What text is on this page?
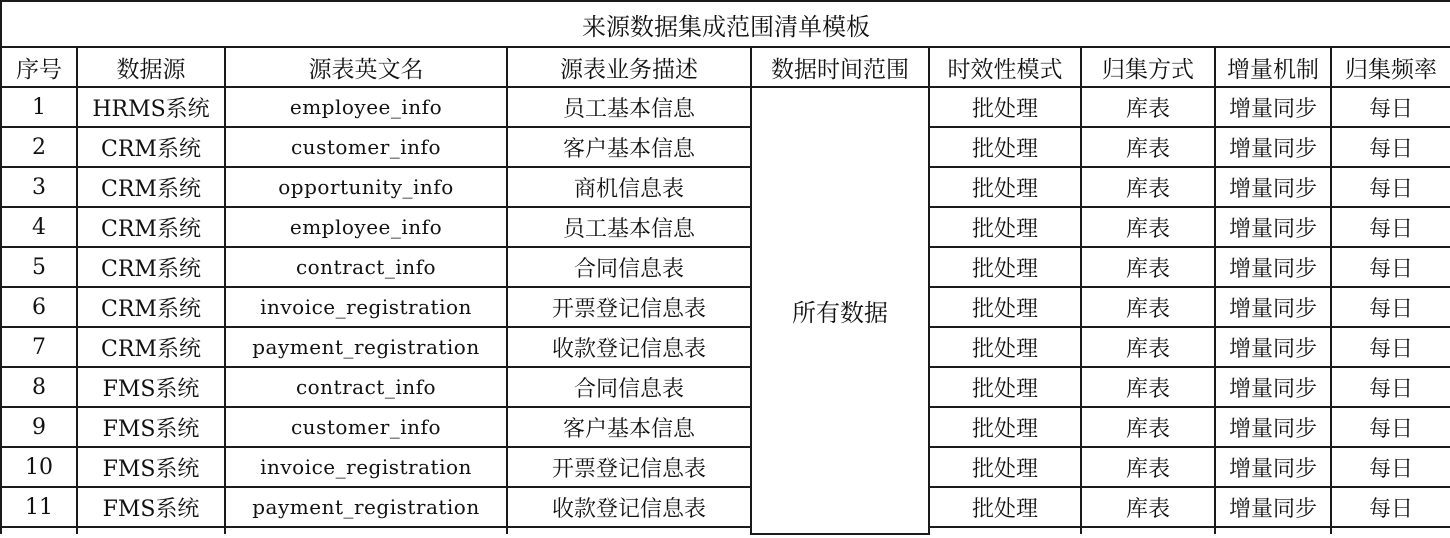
来源数据集成范围清单模板								
序号	数据源	源表英文名	源表业务描述	数据时间范围	时效性模式	归集方式	增量机制	归集频率
1	HRMS系统	employee_info	员工基本信息	所有数据	批处理	库表	增量同步	每日
2	CRM系统	customer_info	客户基本信息		批处理	库表	增量同步	每日
3	CRM系统	opportunity_info	商机信息表		批处理	库表	增量同步	每日
4	CRM系统	employee_info	员工基本信息		批处理	库表	增量同步	每日
5	CRM系统	contract_info	合同信息表		批处理	库表	增量同步	每日
6	CRM系统	invoice_registration	开票登记信息表		批处理	库表	增量同步	每日
7	CRM系统	payment_registration	收款登记信息表		批处理	库表	增量同步	每日
8	FMS系统	contract_info	合同信息表		批处理	库表	增量同步	每日
9	FMS系统	customer_info	客户基本信息		批处理	库表	增量同步	每日
10	FMS系统	invoice_registration	开票登记信息表		批处理	库表	增量同步	每日
11	FMS系统	payment_registration	收款登记信息表		批处理	库表	增量同步	每日
